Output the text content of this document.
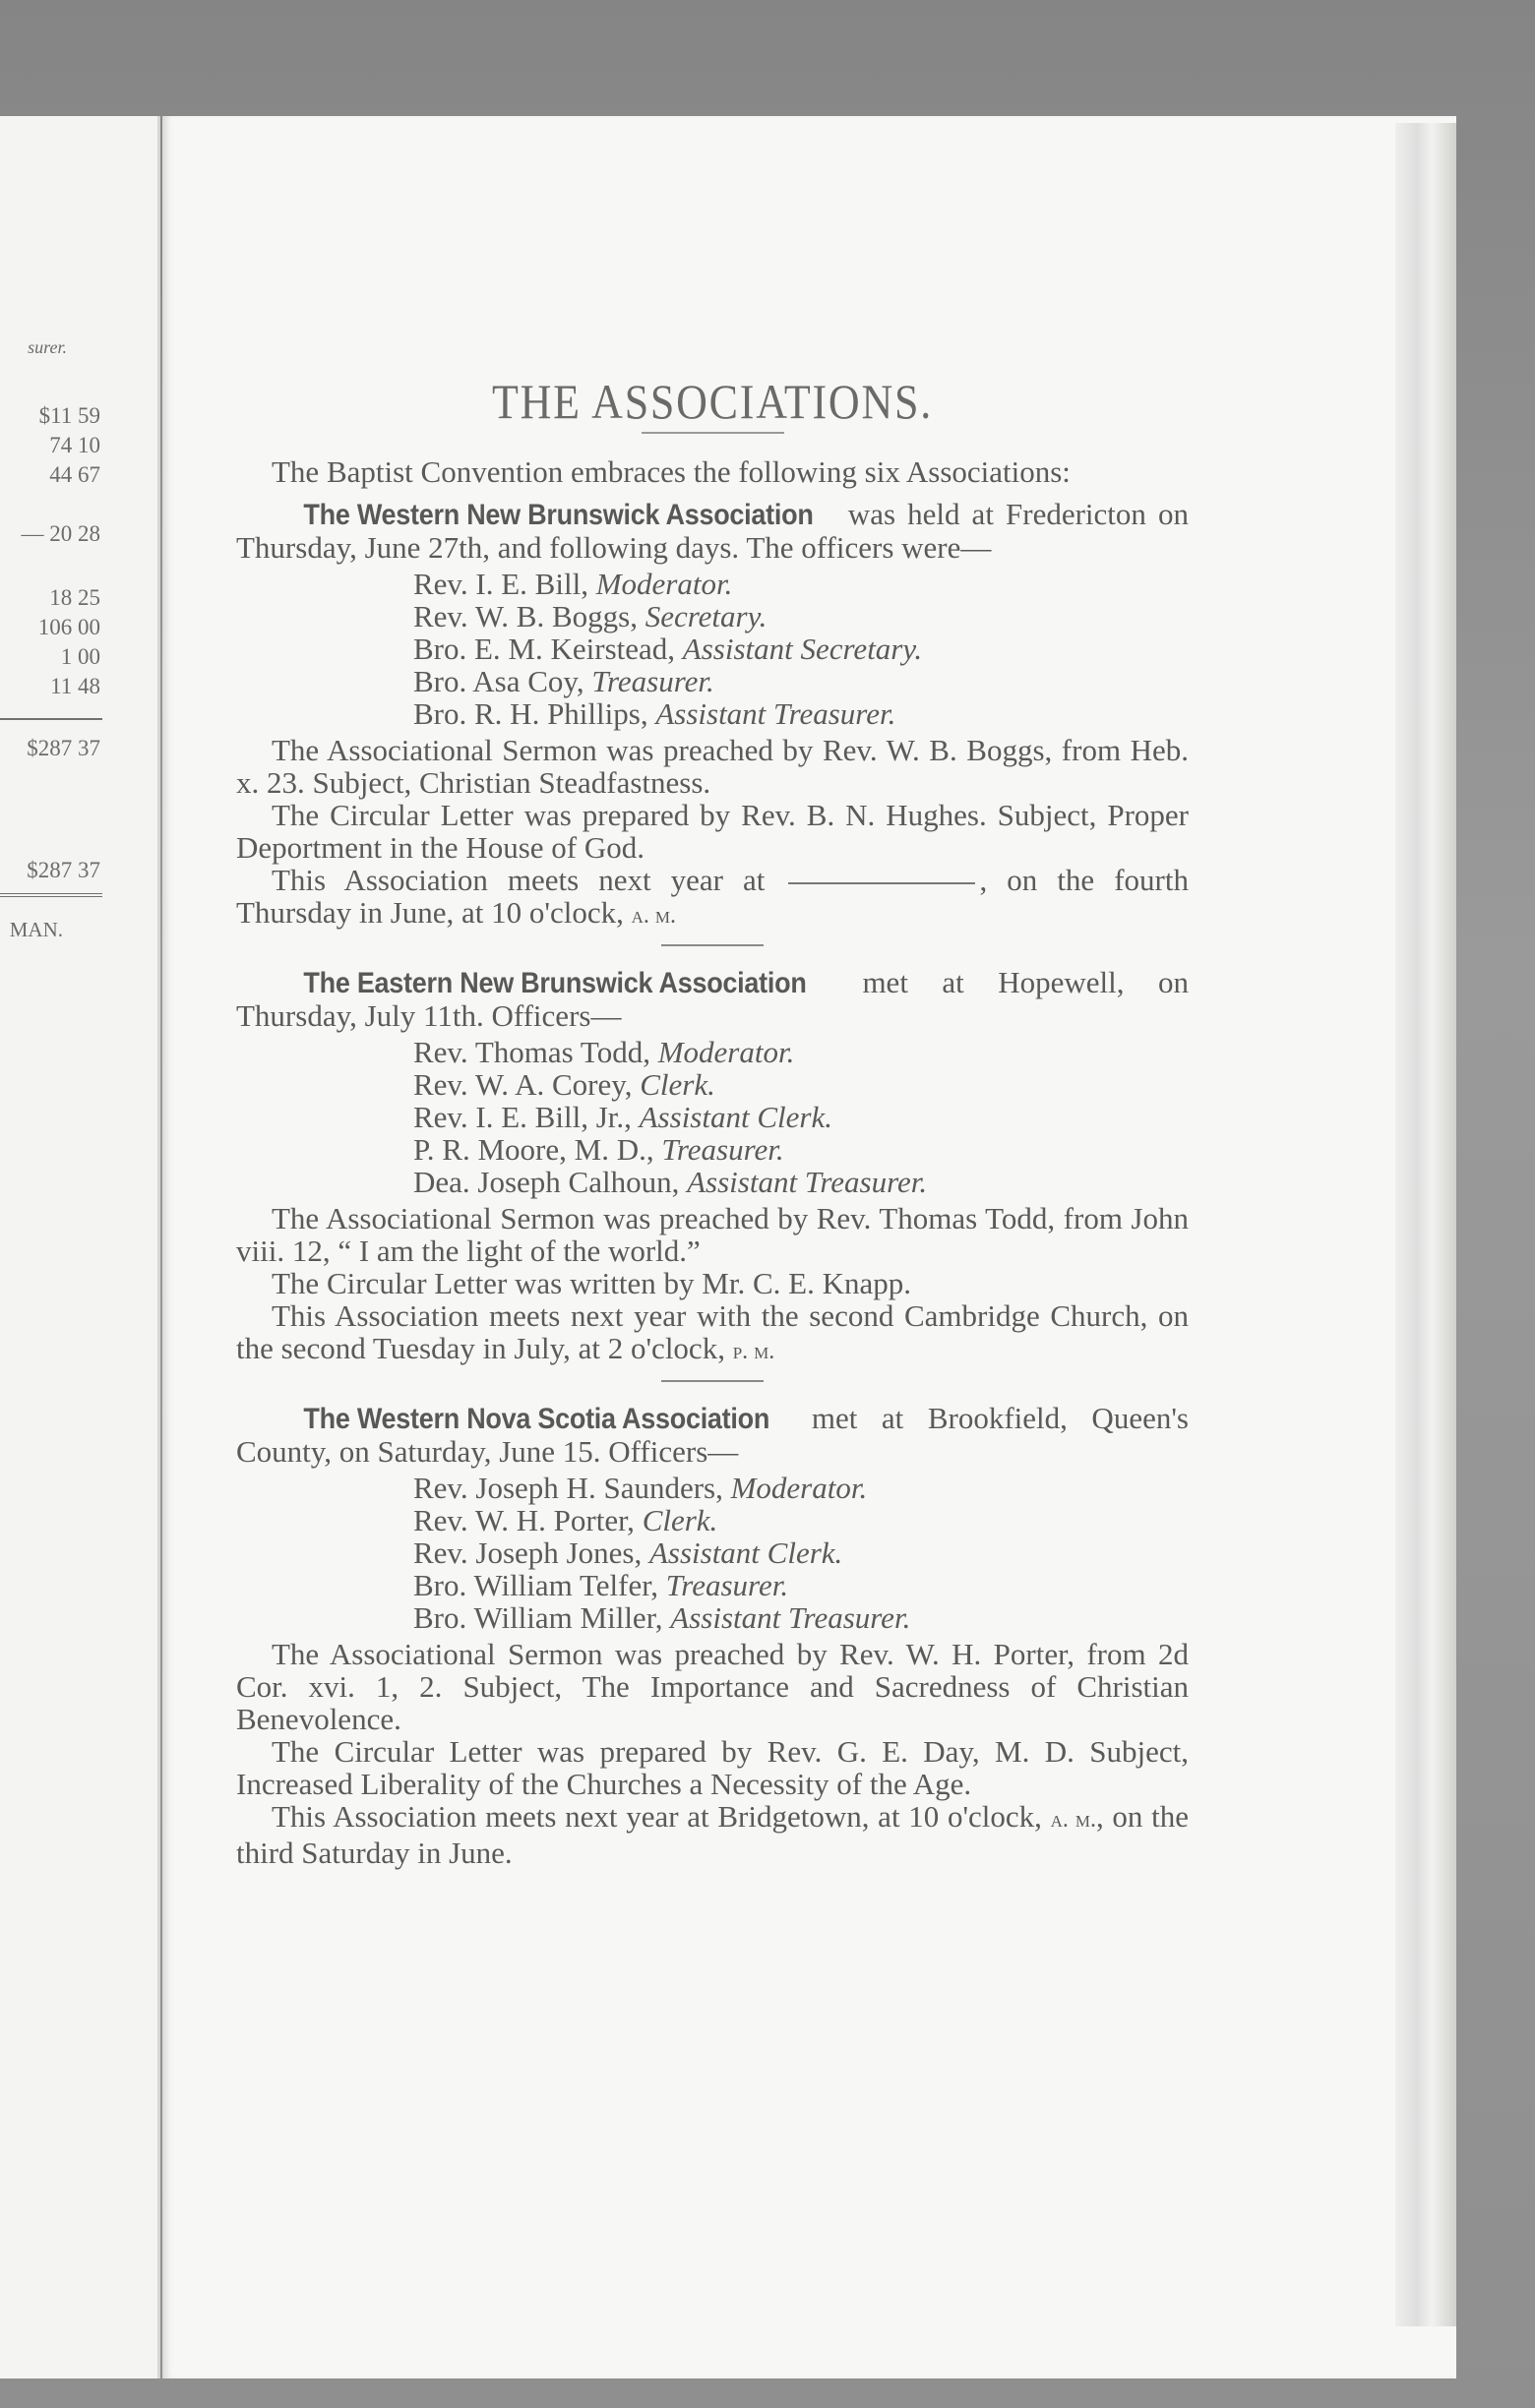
surer.
$11 59
74 10
44 67
— 20 28
18 25
106 00
1 00
11 48
$287 37
$287 37
MAN.
THE ASSOCIATIONS.

The Baptist Convention embraces the following six Associations:

The Western New Brunswick Association was held at Fredericton on Thursday, June 27th, and following days. The officers were—

Rev. I. E. Bill, Moderator.
Rev. W. B. Boggs, Secretary.
Bro. E. M. Keirstead, Assistant Secretary.
Bro. Asa Coy, Treasurer.
Bro. R. H. Phillips, Assistant Treasurer.

The Associational Sermon was preached by Rev. W. B. Boggs, from Heb. x. 23. Subject, Christian Steadfastness.

The Circular Letter was prepared by Rev. B. N. Hughes. Subject, Proper Deportment in the House of God.

This Association meets next year at	, on the fourth Thursday in June, at 10 o'clock, a. m.

The Eastern New Brunswick Association met at Hopewell, on Thursday, July 11th. Officers—

Rev. Thomas Todd, Moderator.
Rev. W. A. Corey, Clerk.
Rev. I. E. Bill, Jr., Assistant Clerk.
P. R. Moore, M. D., Treasurer.
Dea. Joseph Calhoun, Assistant Treasurer.

The Associational Sermon was preached by Rev. Thomas Todd, from John viii. 12, “ I am the light of the world.”

The Circular Letter was written by Mr. C. E. Knapp.

This Association meets next year with the second Cambridge Church, on the second Tuesday in July, at 2 o'clock, p. m.

The Western Nova Scotia Association met at Brookfield, Queen's County, on Saturday, June 15. Officers—

Rev. Joseph H. Saunders, Moderator.
Rev. W. H. Porter, Clerk.
Rev. Joseph Jones, Assistant Clerk.
Bro. William Telfer, Treasurer.
Bro. William Miller, Assistant Treasurer.

The Associational Sermon was preached by Rev. W. H. Porter, from 2d Cor. xvi. 1, 2. Subject, The Importance and Sacredness of Christian Benevolence.

The Circular Letter was prepared by Rev. G. E. Day, M. D. Subject, Increased Liberality of the Churches a Necessity of the Age.

This Association meets next year at Bridgetown, at 10 o'clock, a. m., on the third Saturday in June.
